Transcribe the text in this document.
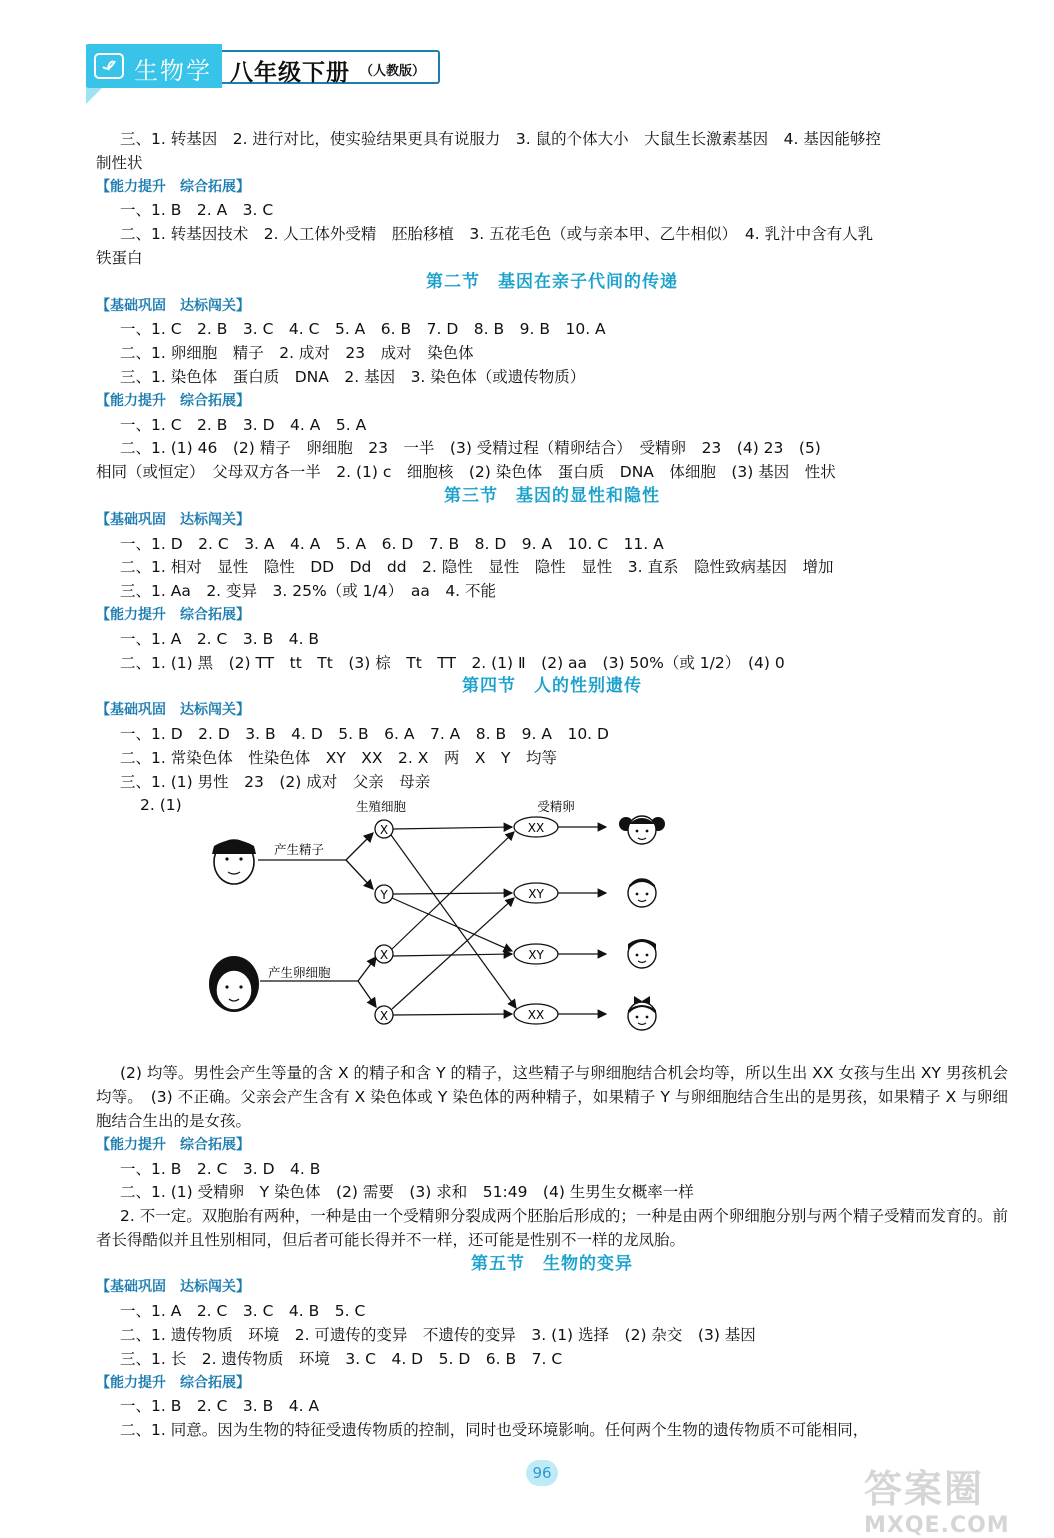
生物学 八年级下册 （人教版）
三、1. 转基因　2. 进行对比，使实验结果更具有说服力　3. 鼠的个体大小　大鼠生长激素基因　4. 基因能够控
制性状
【能力提升　综合拓展】
一、1. B　2. A　3. C
二、1. 转基因技术　2. 人工体外受精　胚胎移植　3. 五花毛色（或与亲本甲、乙牛相似）　4. 乳汁中含有人乳
铁蛋白
第二节　基因在亲子代间的传递
【基础巩固　达标闯关】
一、1. C　2. B　3. C　4. C　5. A　6. B　7. D　8. B　9. B　10. A
二、1. 卵细胞　精子　2. 成对　23　成对　染色体
三、1. 染色体　蛋白质　DNA　2. 基因　3. 染色体（或遗传物质）
【能力提升　综合拓展】
一、1. C　2. B　3. D　4. A　5. A
二、1. (1) 46　(2) 精子　卵细胞　23　一半　(3) 受精过程（精卵结合）　受精卵　23　(4) 23　(5)
相同（或恒定）　父母双方各一半　2. (1) c　细胞核　(2) 染色体　蛋白质　DNA　体细胞　(3) 基因　性状
第三节　基因的显性和隐性
【基础巩固　达标闯关】
一、1. D　2. C　3. A　4. A　5. A　6. D　7. B　8. D　9. A　10. C　11. A
二、1. 相对　显性　隐性　DD　Dd　dd　2. 隐性　显性　隐性　显性　3. 直系　隐性致病基因　增加
三、1. Aa　2. 变异　3. 25%（或 1/4）　aa　4. 不能
【能力提升　综合拓展】
一、1. A　2. C　3. B　4. B
二、1. (1) 黑　(2) TT　tt　Tt　(3) 棕　Tt　TT　2. (1) Ⅱ　(2) aa　(3) 50%（或 1/2）　(4) 0
第四节　人的性别遗传
【基础巩固　达标闯关】
一、1. D　2. D　3. B　4. D　5. B　6. A　7. A　8. B　9. A　10. D
二、1. 常染色体　性染色体　XY　XX　2. X　两　X　Y　均等
三、1. (1) 男性　23　(2) 成对　父亲　母亲
2. (1)	生殖细胞	受精卵
产生精子
产生卵细胞
X
Y
X
X
XX
XY
XY
XX
(2) 均等。男性会产生等量的含 X 的精子和含 Y 的精子，这些精子与卵细胞结合机会均等，所以生出 XX 女孩与生出 XY 男孩机会均等。　(3) 不正确。父亲会产生含有 X 染色体或 Y 染色体的两种精子，如果精子 Y 与卵细胞结合生出的是男孩，如果精子 X 与卵细胞结合生出的是女孩。
【能力提升　综合拓展】
一、1. B　2. C　3. D　4. B
二、1. (1) 受精卵　Y 染色体　(2) 需要　(3) 求和　51:49　(4) 生男生女概率一样
2. 不一定。双胞胎有两种，一种是由一个受精卵分裂成两个胚胎后形成的；一种是由两个卵细胞分别与两个精子受精而发育的。前者长得酷似并且性别相同，但后者可能长得并不一样，还可能是性别不一样的龙凤胎。
第五节　生物的变异
【基础巩固　达标闯关】
一、1. A　2. C　3. C　4. B　5. C
二、1. 遗传物质　环境　2. 可遗传的变异　不遗传的变异　3. (1) 选择　(2) 杂交　(3) 基因
三、1. 长　2. 遗传物质　环境　3. C　4. D　5. D　6. B　7. C
【能力提升　综合拓展】
一、1. B　2. C　3. B　4. A
二、1. 同意。因为生物的特征受遗传物质的控制，同时也受环境影响。任何两个生物的遗传物质不可能相同，
96	答案圈
MXQE.COM
